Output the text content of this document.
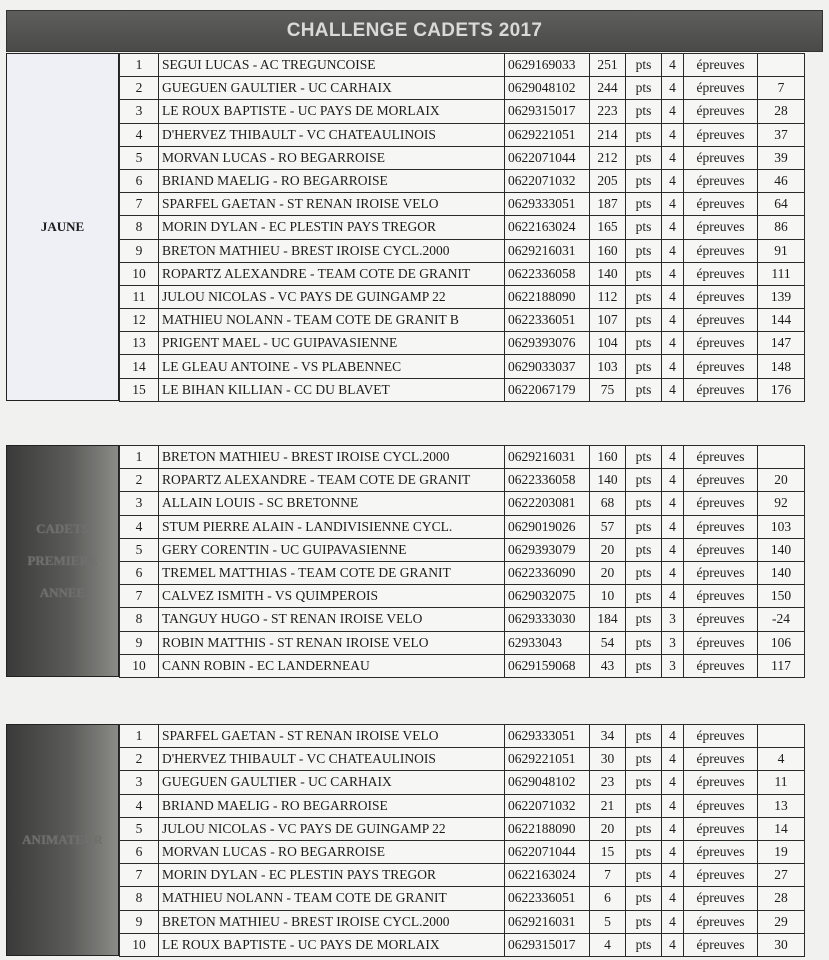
CHALLENGE CADETS 2017
JAUNE
1	SEGUI LUCAS - AC TREGUNCOISE	0629169033	251	pts	4	épreuves	
2	GUEGUEN GAULTIER - UC CARHAIX	0629048102	244	pts	4	épreuves	7
3	LE ROUX BAPTISTE - UC PAYS DE MORLAIX	0629315017	223	pts	4	épreuves	28
4	D'HERVEZ THIBAULT - VC CHATEAULINOIS	0629221051	214	pts	4	épreuves	37
5	MORVAN LUCAS - RO BEGARROISE	0622071044	212	pts	4	épreuves	39
6	BRIAND MAELIG - RO BEGARROISE	0622071032	205	pts	4	épreuves	46
7	SPARFEL GAETAN - ST RENAN IROISE VELO	0629333051	187	pts	4	épreuves	64
8	MORIN DYLAN - EC PLESTIN PAYS TREGOR	0622163024	165	pts	4	épreuves	86
9	BRETON MATHIEU - BREST IROISE CYCL.2000	0629216031	160	pts	4	épreuves	91
10	ROPARTZ ALEXANDRE - TEAM COTE DE GRANIT	0622336058	140	pts	4	épreuves	111
11	JULOU NICOLAS - VC PAYS DE GUINGAMP 22	0622188090	112	pts	4	épreuves	139
12	MATHIEU NOLANN - TEAM COTE DE GRANIT B	0622336051	107	pts	4	épreuves	144
13	PRIGENT MAEL - UC GUIPAVASIENNE	0629393076	104	pts	4	épreuves	147
14	LE GLEAU ANTOINE - VS PLABENNEC	0629033037	103	pts	4	épreuves	148
15	LE BIHAN KILLIAN - CC DU BLAVET	0622067179	75	pts	4	épreuves	176
CADETS
PREMIERE
ANNEE
1	BRETON MATHIEU - BREST IROISE CYCL.2000	0629216031	160	pts	4	épreuves	
2	ROPARTZ ALEXANDRE - TEAM COTE DE GRANIT	0622336058	140	pts	4	épreuves	20
3	ALLAIN LOUIS - SC BRETONNE	0622203081	68	pts	4	épreuves	92
4	STUM PIERRE ALAIN - LANDIVISIENNE CYCL.	0629019026	57	pts	4	épreuves	103
5	GERY CORENTIN - UC GUIPAVASIENNE	0629393079	20	pts	4	épreuves	140
6	TREMEL MATTHIAS - TEAM COTE DE GRANIT	0622336090	20	pts	4	épreuves	140
7	CALVEZ ISMITH - VS QUIMPEROIS	0629032075	10	pts	4	épreuves	150
8	TANGUY HUGO - ST RENAN IROISE VELO	0629333030	184	pts	3	épreuves	-24
9	ROBIN MATTHIS - ST RENAN IROISE VELO	62933043	54	pts	3	épreuves	106
10	CANN ROBIN - EC LANDERNEAU	0629159068	43	pts	3	épreuves	117
ANIMATEUR
1	SPARFEL GAETAN - ST RENAN IROISE VELO	0629333051	34	pts	4	épreuves	
2	D'HERVEZ THIBAULT - VC CHATEAULINOIS	0629221051	30	pts	4	épreuves	4
3	GUEGUEN GAULTIER - UC CARHAIX	0629048102	23	pts	4	épreuves	11
4	BRIAND MAELIG - RO BEGARROISE	0622071032	21	pts	4	épreuves	13
5	JULOU NICOLAS - VC PAYS DE GUINGAMP 22	0622188090	20	pts	4	épreuves	14
6	MORVAN LUCAS - RO BEGARROISE	0622071044	15	pts	4	épreuves	19
7	MORIN DYLAN - EC PLESTIN PAYS TREGOR	0622163024	7	pts	4	épreuves	27
8	MATHIEU NOLANN - TEAM COTE DE GRANIT	0622336051	6	pts	4	épreuves	28
9	BRETON MATHIEU - BREST IROISE CYCL.2000	0629216031	5	pts	4	épreuves	29
10	LE ROUX BAPTISTE - UC PAYS DE MORLAIX	0629315017	4	pts	4	épreuves	30
